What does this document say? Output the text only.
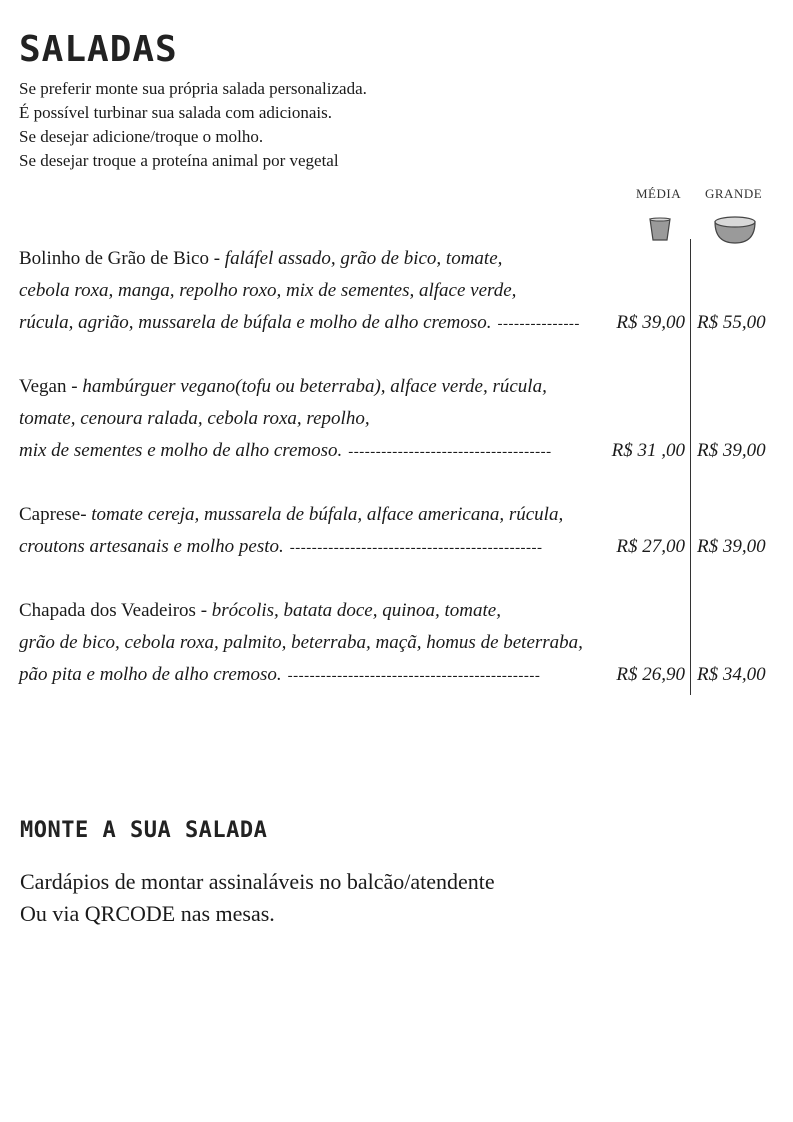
SALADAS
Se preferir monte sua própria salada personalizada.
É possível turbinar sua salada com adicionais.
Se desejar adicione/troque o molho.
Se desejar troque a proteína animal por vegetal
MÉDIA GRANDE
Bolinho de Grão de Bico - faláfel assado, grão de bico, tomate,
cebola roxa, manga, repolho roxo, mix de sementes, alface verde,
rúcula, agrião, mussarela de búfala e molho de alho cremoso. --------------- R$ 39,00 R$ 55,00
Vegan - hambúrguer vegano(tofu ou beterraba), alface verde, rúcula,
tomate, cenoura ralada, cebola roxa, repolho,
mix de sementes e molho de alho cremoso. -------------------------------------	R$ 31 ,00 R$ 39,00
Caprese- tomate cereja, mussarela de búfala, alface americana, rúcula,
croutons artesanais e molho pesto. ----------------------------------------------	R$ 27,00 R$ 39,00
Chapada dos Veadeiros - brócolis, batata doce, quinoa, tomate,
grão de bico, cebola roxa, palmito, beterraba, maçã, homus de beterraba,
pão pita e molho de alho cremoso. ----------------------------------------------	R$ 26,90 R$ 34,00
MONTE A SUA SALADA
Cardápios de montar assinaláveis no balcão/atendente
Ou via QRCODE nas mesas.
